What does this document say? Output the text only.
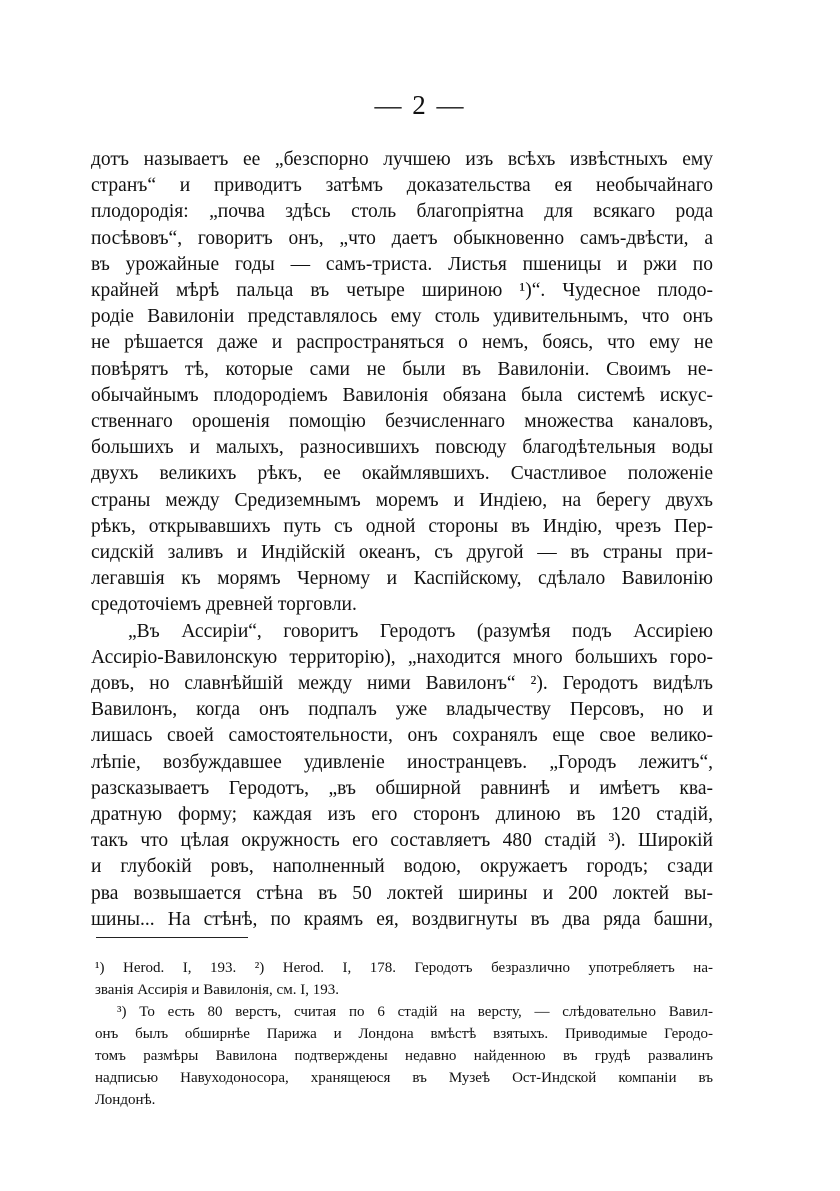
— 2 —
дотъ называетъ ее „безспорно лучшею изъ всѣхъ извѣстныхъ ему
странъ“ и приводитъ затѣмъ доказательства ея необычайнаго
плодородія: „почва здѣсь столь благопріятна для всякаго рода
посѣвовъ“, говоритъ онъ, „что даетъ обыкновенно самъ-двѣсти, а
въ урожайные годы — самъ-триста. Листья пшеницы и ржи по
крайней мѣрѣ пальца въ четыре шириною ¹)“. Чудесное плодо-
родіе Вавилоніи представлялось ему столь удивительнымъ, что онъ
не рѣшается даже и распространяться о немъ, боясь, что ему не
повѣрятъ тѣ, которые сами не были въ Вавилоніи. Своимъ не-
обычайнымъ плодородіемъ Вавилонія обязана была системѣ искус-
ственнаго орошенія помощію безчисленнаго множества каналовъ,
большихъ и малыхъ, разносившихъ повсюду благодѣтельныя воды
двухъ великихъ рѣкъ, ее окаймлявшихъ. Счастливое положеніе
страны между Средиземнымъ моремъ и Индіею, на берегу двухъ
рѣкъ, открывавшихъ путь съ одной стороны въ Индію, чрезъ Пер-
сидскій заливъ и Индійскій океанъ, съ другой — въ страны при-
легавшія къ морямъ Черному и Каспійскому, сдѣлало Вавилонію
средоточіемъ древней торговли.
„Въ Ассиріи“, говоритъ Геродотъ (разумѣя подъ Ассиріею
Ассиріо-Вавилонскую территорію), „находится много большихъ горо-
довъ, но славнѣйшій между ними Вавилонъ“ ²). Геродотъ видѣлъ
Вавилонъ, когда онъ подпалъ уже владычеству Персовъ, но и
лишась своей самостоятельности, онъ сохранялъ еще свое велико-
лѣпіе, возбуждавшее удивленіе иностранцевъ. „Городъ лежитъ“,
разсказываетъ Геродотъ, „въ обширной равнинѣ и имѣетъ ква-
дратную форму; каждая изъ его сторонъ длиною въ 120 стадій,
такъ что цѣлая окружность его составляетъ 480 стадій ³). Широкій
и глубокій ровъ, наполненный водою, окружаетъ городъ; сзади
рва возвышается стѣна въ 50 локтей ширины и 200 локтей вы-
шины... На стѣнѣ, по краямъ ея, воздвигнуты въ два ряда башни,
¹) Herod. I, 193. ²) Herod. I, 178. Геродотъ безразлично употребляетъ на-
званія Ассирія и Вавилонія, см. I, 193.
³) То есть 80 верстъ, считая по 6 стадій на версту, — слѣдовательно Вавил-
онъ былъ обширнѣе Парижа и Лондона вмѣстѣ взятыхъ. Приводимые Геродо-
томъ размѣры Вавилона подтверждены недавно найденною въ грудѣ развалинъ
надписью Навуходоносора, хранящеюся въ Музеѣ Ост-Индской компаніи въ
Лондонѣ.
